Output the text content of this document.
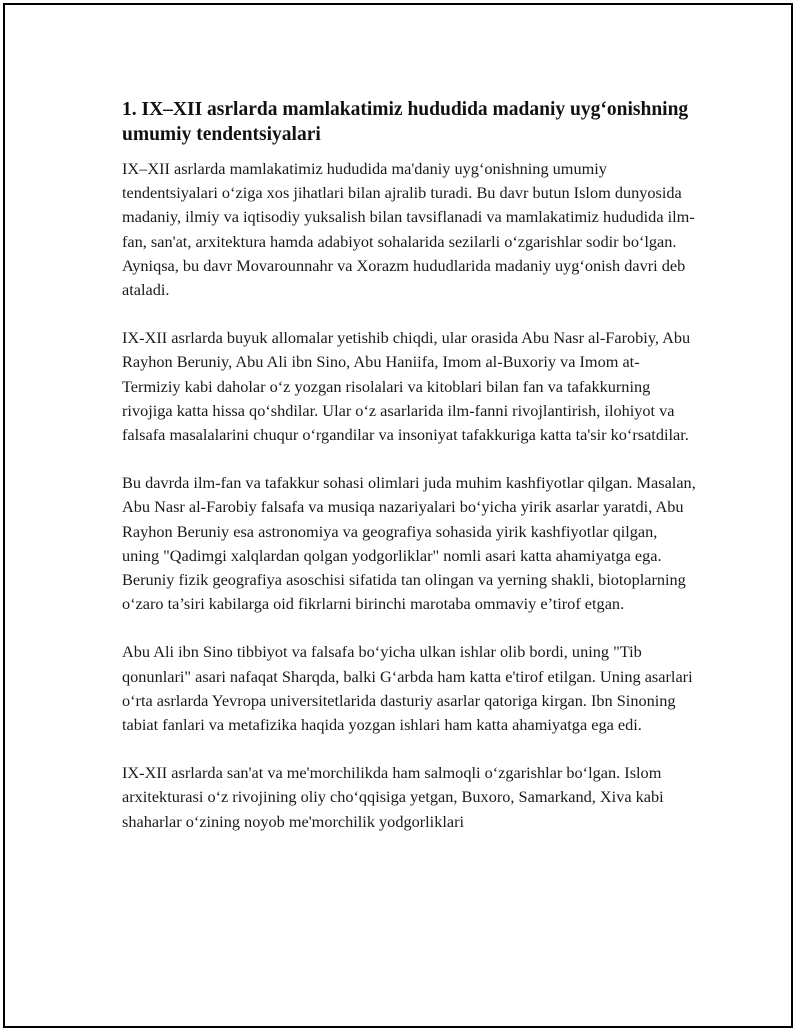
1. IX–XII asrlarda mamlakatimiz hududida madaniy uyg‘onishning umumiy tendentsiyalari

IX–XII asrlarda mamlakatimiz hududida ma'daniy uyg‘onishning umumiy tendentsiyalari o‘ziga xos jihatlari bilan ajralib turadi. Bu davr butun Islom dunyosida madaniy, ilmiy va iqtisodiy yuksalish bilan tavsiflanadi va mamlakatimiz hududida ilm-fan, san'at, arxitektura hamda adabiyot sohalarida sezilarli o‘zgarishlar sodir bo‘lgan. Ayniqsa, bu davr Movarounnahr va Xorazm hududlarida madaniy uyg‘onish davri deb ataladi.

IX-XII asrlarda buyuk allomalar yetishib chiqdi, ular orasida Abu Nasr al-Farobiy, Abu Rayhon Beruniy, Abu Ali ibn Sino, Abu Haniifa, Imom al-Buxoriy va Imom at-Termiziy kabi daholar o‘z yozgan risolalari va kitoblari bilan fan va tafakkurning rivojiga katta hissa qo‘shdilar. Ular o‘z asarlarida ilm-fanni rivojlantirish, ilohiyot va falsafa masalalarini chuqur o‘rgandilar va insoniyat tafakkuriga katta ta'sir ko‘rsatdilar.

Bu davrda ilm-fan va tafakkur sohasi olimlari juda muhim kashfiyotlar qilgan. Masalan, Abu Nasr al-Farobiy falsafa va musiqa nazariyalari bo‘yicha yirik asarlar yaratdi, Abu Rayhon Beruniy esa astronomiya va geografiya sohasida yirik kashfiyotlar qilgan, uning "Qadimgi xalqlardan qolgan yodgorliklar" nomli asari katta ahamiyatga ega. Beruniy fizik geografiya asoschisi sifatida tan olingan va yerning shakli, biotoplarning o‘zaro ta’siri kabilarga oid fikrlarni birinchi marotaba ommaviy e’tirof etgan.

Abu Ali ibn Sino tibbiyot va falsafa bo‘yicha ulkan ishlar olib bordi, uning "Tib qonunlari" asari nafaqat Sharqda, balki G‘arbda ham katta e'tirof etilgan. Uning asarlari o‘rta asrlarda Yevropa universitetlarida dasturiy asarlar qatoriga kirgan. Ibn Sinoning tabiat fanlari va metafizika haqida yozgan ishlari ham katta ahamiyatga ega edi.

IX-XII asrlarda san'at va me'morchilikda ham salmoqli o‘zgarishlar bo‘lgan. Islom arxitekturasi o‘z rivojining oliy cho‘qqisiga yetgan, Buxoro, Samarkand, Xiva kabi shaharlar o‘zining noyob me'morchilik yodgorliklari
